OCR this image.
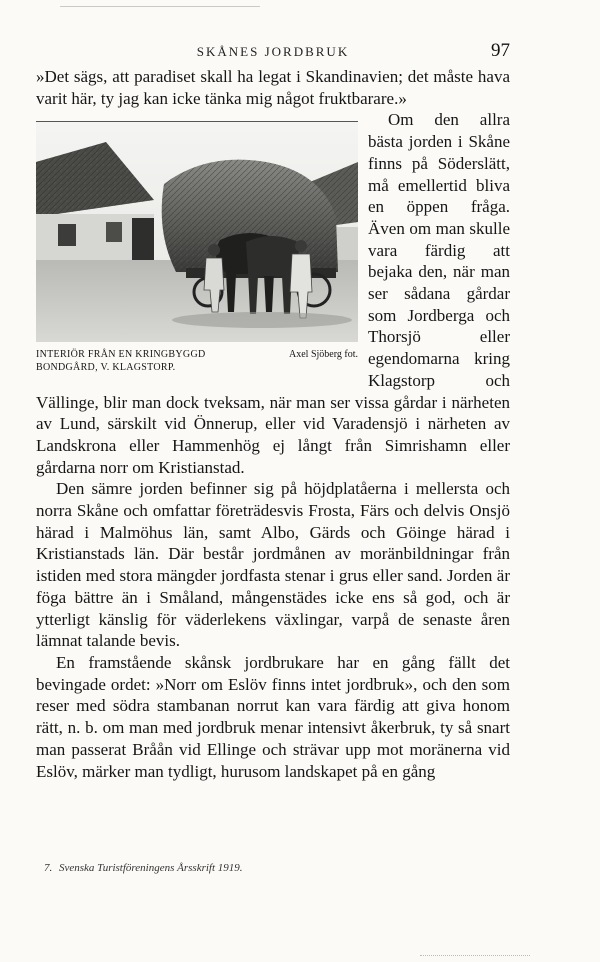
SKÅNES JORDBRUK	97

»Det sägs, att paradiset skall ha legat i Skandinavien; det måste hava varit här, ty jag kan icke tänka mig något fruktbarare.»

INTERIÖR FRÅN EN KRINGBYGGD	Axel Sjöberg fot.
BONDGÅRD, V. KLAGSTORP.

Om den allra bästa jorden i Skåne finns på Söderslätt, må emellertid bliva en öppen fråga. Även om man skulle vara färdig att bejaka den, när man ser sådana gårdar som Jordberga och Thorsjö eller egendomarna kring Klagstorp och Vällinge, blir man dock tveksam, när man ser vissa gårdar i närheten av Lund, särskilt vid Önnerup, eller vid Varadensjö i närheten av Landskrona eller Hammenhög ej långt från Simrishamn eller gårdarna norr om Kristianstad.

Den sämre jorden befinner sig på höjdplatåerna i mellersta och norra Skåne och omfattar företrädesvis Frosta, Färs och delvis Onsjö härad i Malmöhus län, samt Albo, Gärds och Göinge härad i Kristianstads län. Där består jordmånen av moränbildningar från istiden med stora mängder jordfasta stenar i grus eller sand. Jorden är föga bättre än i Småland, mångenstädes icke ens så god, och är ytterligt känslig för väderlekens växlingar, varpå de senaste åren lämnat talande bevis.

En framstående skånsk jordbrukare har en gång fällt det bevingade ordet: »Norr om Eslöv finns intet jordbruk», och den som reser med södra stambanan norrut kan vara färdig att giva honom rätt, n. b. om man med jordbruk menar intensivt åkerbruk, ty så snart man passerat Bråån vid Ellinge och strävar upp mot moränerna vid Eslöv, märker man tydligt, hurusom landskapet på en gång

7. Svenska Turistföreningens Årsskrift 1919.
